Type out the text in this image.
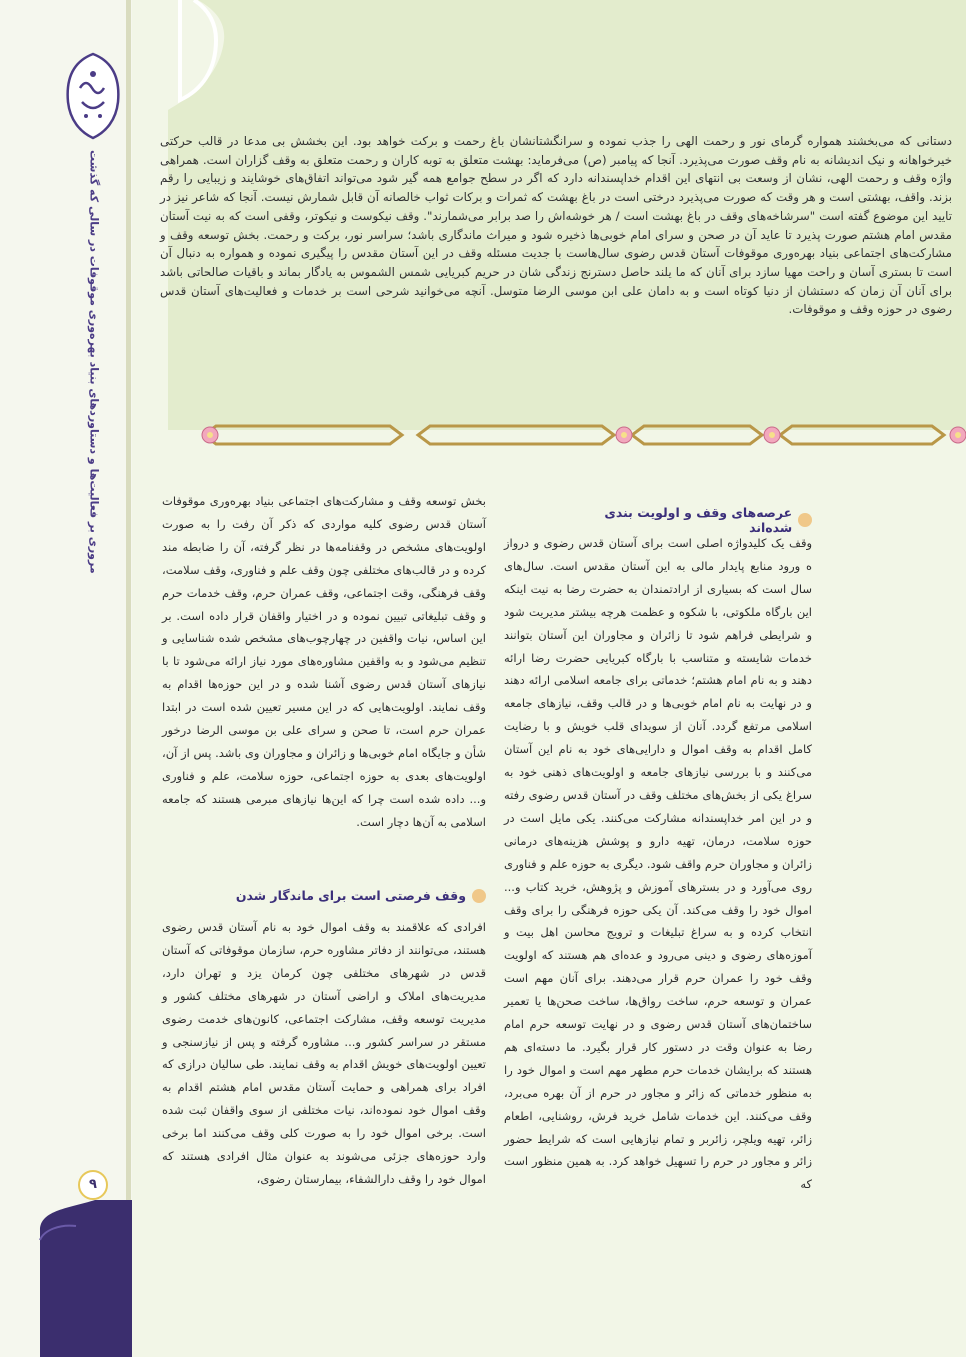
مروری بر فعالیت‌ها و دستاوردهای بنیاد بهره‌وری موقوفات در سالی که گذشت
۹

دستانی که می‌بخشند همواره گرمای نور و رحمت الهی را جذب نموده و سرانگشتانشان باغ رحمت و برکت خواهد بود. این بخشش بی مدعا در قالب حرکتی خیرخواهانه و نیک اندیشانه به نام وقف صورت می‌پذیرد. آنجا که پیامبر (ص) می‌فرماید: بهشت متعلق به توبه کاران و رحمت متعلق به وقف گزاران است. همراهی واژه وقف و رحمت الهی، نشان از وسعت بی انتهای این اقدام خداپسندانه دارد که اگر در سطح جوامع همه گیر شود می‌تواند اتفاق‌های خوشایند و زیبایی را رقم بزند. واقف، بهشتی است و هر وقت که صورت می‌پذیرد درختی است در باغ بهشت که ثمرات و برکات ثواب خالصانه آن قابل شمارش نیست. آنجا که شاعر نیز در تایید این موضوع گفته است "سرشاخه‌های وقف در باغ بهشت است / هر خوشه‌اش را صد برابر می‌شمارند". وقف نیکوست و نیکوتر، وقفی است که به نیت آستان مقدس امام هشتم صورت پذیرد تا عاید آن در صحن و سرای امام خوبی‌ها ذخیره شود و میراث ماندگاری باشد؛ سراسر نور، برکت و رحمت. بخش توسعه وقف و مشارکت‌های اجتماعی بنیاد بهره‌وری موقوفات آستان قدس رضوی سال‌هاست با جدیت مسئله وقف در این آستان مقدس را پیگیری نموده و همواره به دنبال آن است تا بستری آسان و راحت مهیا سازد برای آنان که ما یلند حاصل دسترنج زندگی شان در حریم کبریایی شمس الشموس به یادگار بماند و باقیات صالحاتی باشد برای آنان آن زمان که دستشان از دنیا کوتاه است و به دامان علی ابن موسی الرضا متوسل. آنچه می‌خوانید شرحی است بر خدمات و فعالیت‌های آستان قدس رضوی در حوزه وقف و موقوفات.

عرصه‌های وقف و اولویت بندی شده‌اند

وقف یک کلیدواژه اصلی است برای آستان قدس رضوی و درواز ه ورود منابع پایدار مالی به این آستان مقدس است. سال‌های سال است که بسیاری از ارادتمندان به حضرت رضا به نیت اینکه این بارگاه ملکوتی، با شکوه و عظمت هرچه بیشتر مدیریت شود و شرایطی فراهم شود تا زائران و مجاوران این آستان بتوانند خدمات شایسته و متناسب با بارگاه کبریایی حضرت رضا ارائه دهند و به نام امام هشتم؛ خدماتی برای جامعه اسلامی ارائه دهند و در نهایت به نام امام خوبی‌ها و در قالب وقف، نیازهای جامعه اسلامی مرتفع گردد. آنان از سویدای قلب خویش و با رضایت کامل اقدام به وقف اموال و دارایی‌های خود به نام این آستان می‌کنند و با بررسی نیازهای جامعه و اولویت‌های ذهنی خود به سراغ یکی از بخش‌های مختلف وقف در آستان قدس رضوی رفته و در این امر خداپسندانه مشارکت می‌کنند. یکی مایل است در حوزه سلامت، درمان، تهیه دارو و پوشش هزینه‌های درمانی زائران و مجاوران حرم واقف شود. دیگری به حوزه علم و فناوری روی می‌آورد و در بسترهای آموزش و پژوهش، خرید کتاب و... اموال خود را وقف می‌کند. آن یکی حوزه فرهنگی را برای وقف انتخاب کرده و به سراغ تبلیغات و ترویج محاسن اهل بیت و آموزه‌های رضوی و دینی می‌رود و عده‌ای هم هستند که اولویت وقف خود را عمران حرم قرار می‌دهند. برای آنان مهم است عمران و توسعه حرم، ساخت رواق‌ها، ساخت صحن‌ها یا تعمیر ساختمان‌های آستان قدس رضوی و در نهایت توسعه حرم امام رضا به عنوان وقت در دستور کار قرار بگیرد. ما دسته‌ای هم هستند که برایشان خدمات حرم مطهر مهم است و اموال خود را به منظور خدماتی که زائر و مجاور در حرم از آن بهره می‌برد، وقف می‌کنند. این خدمات شامل خرید فرش، روشنایی، اطعام زائر، تهیه ویلچر، زائربر و تمام نیازهایی است که شرایط حضور زائر و مجاور در حرم را تسهیل خواهد کرد. به همین منظور است که

بخش توسعه وقف و مشارکت‌های اجتماعی بنیاد بهره‌وری موقوفات آستان قدس رضوی کلیه مواردی که ذکر آن رفت را به صورت اولویت‌های مشخص در وقفنامه‌ها در نظر گرفته، آن را ضابطه مند کرده و در قالب‌های مختلفی چون وقف علم و فناوری، وقف سلامت، وقف فرهنگی، وقت اجتماعی، وقف عمران حرم، وقف خدمات حرم و وقف تبلیغاتی تبیین نموده و در اختیار واقفان قرار داده است. بر این اساس، نیات واقفین در چهارچوب‌های مشخص شده شناسایی و تنظیم می‌شود و به واقفین مشاوره‌های مورد نیاز ارائه می‌شود تا با نیازهای آستان قدس رضوی آشنا شده و در این حوزه‌ها اقدام به وقف نمایند. اولویت‌هایی که در این مسیر تعیین شده است در ابتدا عمران حرم است، تا صحن و سرای علی بن موسی الرضا درخور شأن و جایگاه امام خوبی‌ها و زائران و مجاوران وی باشد. پس از آن، اولویت‌های بعدی به حوزه اجتماعی، حوزه سلامت، علم و فناوری و... داده شده است چرا که این‌ها نیازهای مبرمی هستند که جامعه اسلامی به آن‌ها دچار است.

وقف فرصتی است برای ماندگار شدن

افرادی که علاقمند به وقف اموال خود به نام آستان قدس رضوی هستند، می‌توانند از دفاتر مشاوره حرم، سازمان موقوفاتی که آستان قدس در شهرهای مختلفی چون کرمان یزد و تهران دارد، مدیریت‌های املاک و اراضی آستان در شهرهای مختلف کشور و مدیریت توسعه وقف، مشارکت اجتماعی، کانون‌های خدمت رضوی مستقر در سراسر کشور و... مشاوره گرفته و پس از نیازسنجی و تعیین اولویت‌های خویش اقدام به وقف نمایند. طی سالیان درازی که افراد برای همراهی و حمایت آستان مقدس امام هشتم اقدام به وقف اموال خود نموده‌اند، نیات مختلفی از سوی واقفان ثبت شده است. برخی اموال خود را به صورت کلی وقف می‌کنند اما برخی وارد حوزه‌های جزئی می‌شوند به عنوان مثال افرادی هستند که اموال خود را وقف دارالشفاء، بیمارستان رضوی،
